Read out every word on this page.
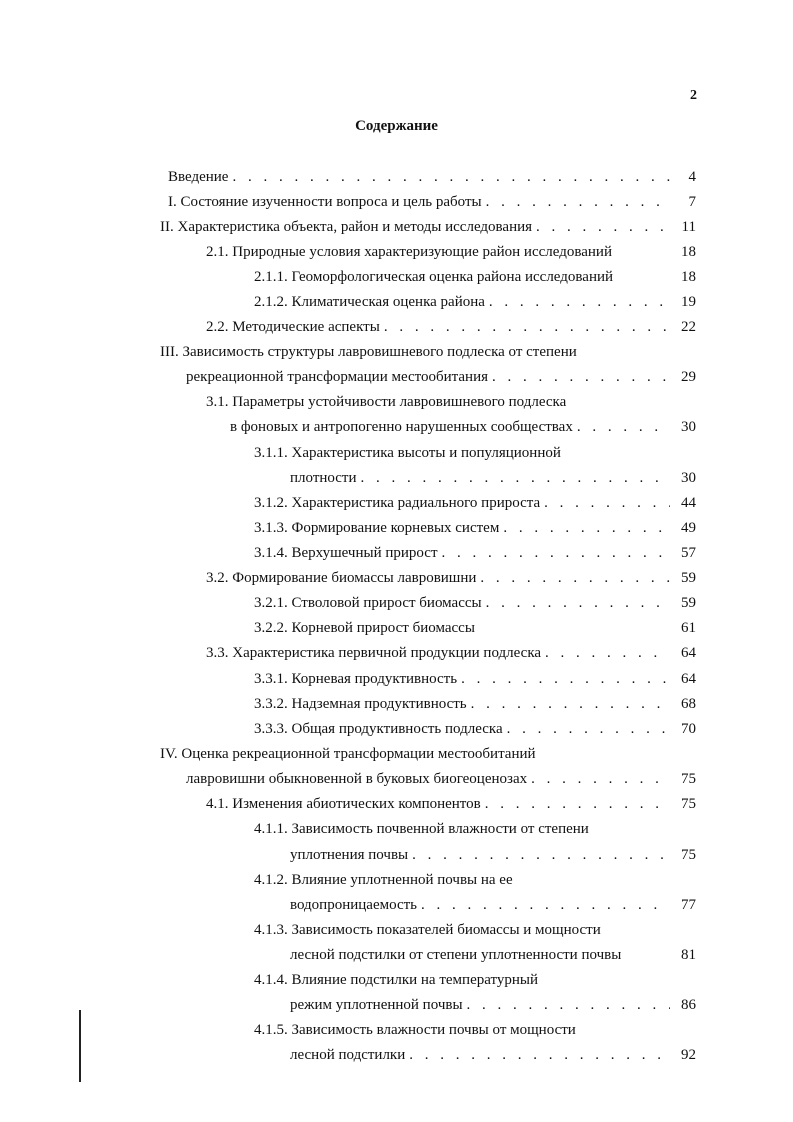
2
Содержание
Введение . . .	4
I. Состояние изученности вопроса и цель работы . . .	7
II. Характеристика объекта, район и методы исследования . . .	11
2.1. Природные условия характеризующие район исследований	18
2.1.1. Геоморфологическая оценка района исследований	18
2.1.2. Климатическая оценка района . . .	19
2.2. Методические аспекты . . .	22
III. Зависимость структуры лавровишневого подлеска от степени
рекреационной трансформации местообитания . . .	29
3.1. Параметры устойчивости лавровишневого подлеска
в фоновых и антропогенно нарушенных сообществах . . .	30
3.1.1. Характеристика высоты и популяционной
плотности . . .	30
3.1.2. Характеристика радиального прироста . . .	44
3.1.3. Формирование корневых систем . . .	49
3.1.4. Верхушечный прирост . . .	57
3.2. Формирование биомассы лавровишни . . .	59
3.2.1. Стволовой прирост биомассы . . .	59
3.2.2. Корневой прирост биомассы	61
3.3. Характеристика первичной продукции подлеска . . .	64
3.3.1. Корневая продуктивность . . .	64
3.3.2. Надземная продуктивность . . .	68
3.3.3. Общая продуктивность подлеска . . .	70
IV. Оценка рекреационной трансформации местообитаний
лавровишни обыкновенной в буковых биогеоценозах . . .	75
4.1. Изменения абиотических компонентов . . .	75
4.1.1. Зависимость почвенной влажности от степени
уплотнения почвы . . .	75
4.1.2. Влияние уплотненной почвы на ее
водопроницаемость . . .	77
4.1.3. Зависимость показателей биомассы и мощности
лесной подстилки от степени уплотненности почвы	81
4.1.4. Влияние подстилки на температурный
режим уплотненной почвы . . .	86
4.1.5. Зависимость влажности почвы от мощности
лесной подстилки . . .	92
